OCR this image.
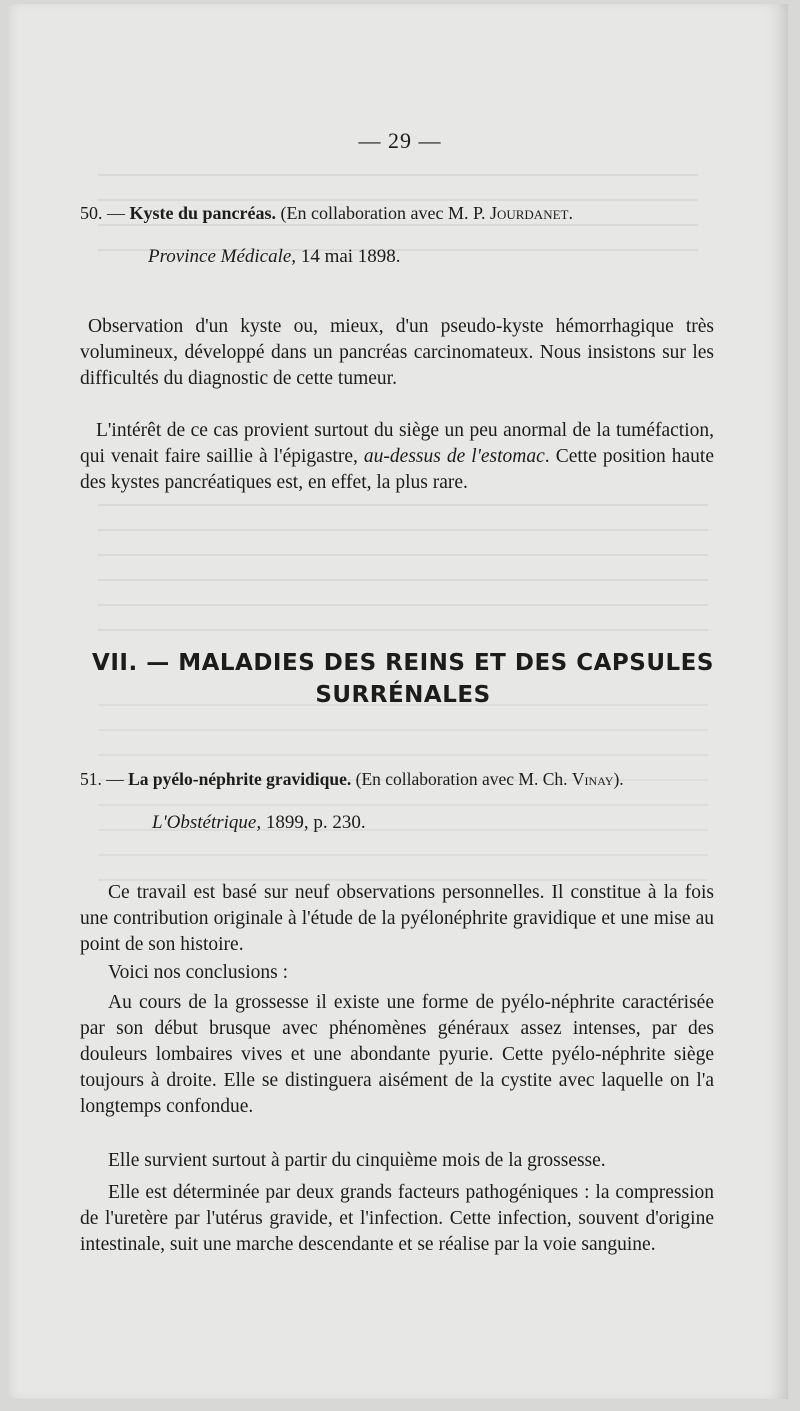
— 29 —
50. — Kyste du pancréas. (En collaboration avec M. P. Jourdanet.
Province Médicale, 14 mai 1898.

Observation d'un kyste ou, mieux, d'un pseudo-kyste hémorrhagique très volumineux, développé dans un pancréas carcinomateux. Nous insistons sur les difficultés du diagnostic de cette tumeur.

L'intérêt de ce cas provient surtout du siège un peu anormal de la tuméfaction, qui venait faire saillie à l'épigastre, au-dessus de l'estomac. Cette position haute des kystes pancréatiques est, en effet, la plus rare.

VII. — MALADIES DES REINS ET DES CAPSULES
SURRÉNALES
51. — La pyélo-néphrite gravidique. (En collaboration avec M. Ch. Vinay).
L'Obstétrique, 1899, p. 230.

Ce travail est basé sur neuf observations personnelles. Il constitue à la fois une contribution originale à l'étude de la pyélonéphrite gravidique et une mise au point de son histoire.

Voici nos conclusions :

Au cours de la grossesse il existe une forme de pyélo-néphrite caractérisée par son début brusque avec phénomènes généraux assez intenses, par des douleurs lombaires vives et une abondante pyurie. Cette pyélo-néphrite siège toujours à droite. Elle se distinguera aisément de la cystite avec laquelle on l'a longtemps confondue.

Elle survient surtout à partir du cinquième mois de la grossesse.

Elle est déterminée par deux grands facteurs pathogéniques : la compression de l'uretère par l'utérus gravide, et l'infection. Cette infection, souvent d'origine intestinale, suit une marche descendante et se réalise par la voie sanguine.
